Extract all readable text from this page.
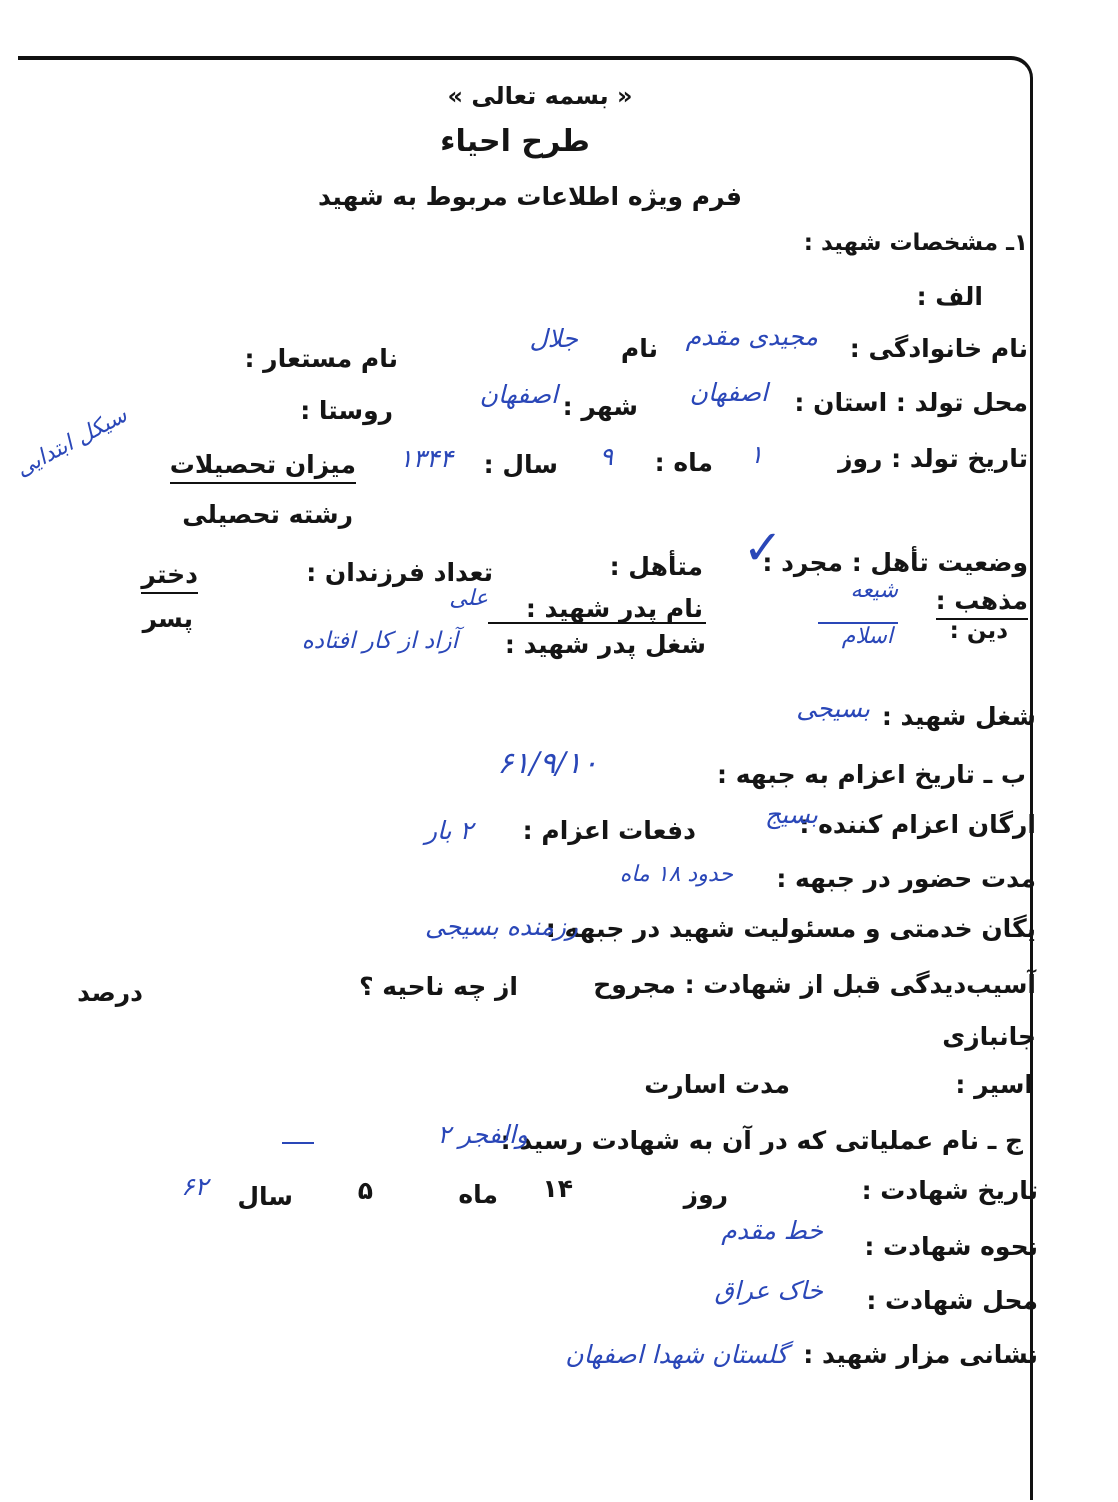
« بسمه تعالی »
طرح احیاء
فرم ویژه اطلاعات مربوط به شهید
۱ـ مشخصات شهید :
الف :
نام خانوادگی :
مجیدی مقدم
نام
جلال
نام مستعار :
محل تولد : استان :
اصفهان
شهر :
اصفهان
روستا :
تاریخ تولد : روز
۱
ماه :
۹
سال :
۱۳۴۴
میزان تحصیلات
سیکل ابتدایی
رشته تحصیلی
وضعیت تأهل : مجرد :
✓
متأهل :
تعداد فرزندان :
دختر
پسر
مذهب :
شیعه
دین :
اسلام
علی نام پدر شهید :
شغل پدر شهید :
آزاد از کار افتاده
شغل شهید :
بسیجی
ب ـ تاریخ اعزام به جبهه :
۶۱/۹/۱۰
ارگان اعزام کننده :
بسیج
دفعات اعزام :
۲ بار
مدت حضور در جبهه :
حدود ۱۸ ماه
یگان خدمتی و مسئولیت شهید در جبهه :
رزمنده بسیجی
آسیب‌دیدگی قبل از شهادت : مجروح
از چه ناحیه ؟
درصد
جانبازی
اسیر :
مدت اسارت
ج ـ نام عملیاتی که در آن به شهادت رسید :
والفجر ۲
تاریخ شهادت :
روز
۱۴
ماه
۵
سال
۶۲
نحوه شهادت :
خط مقدم
محل شهادت :
خاک عراق
نشانی مزار شهید :
گلستان شهدا اصفهان
